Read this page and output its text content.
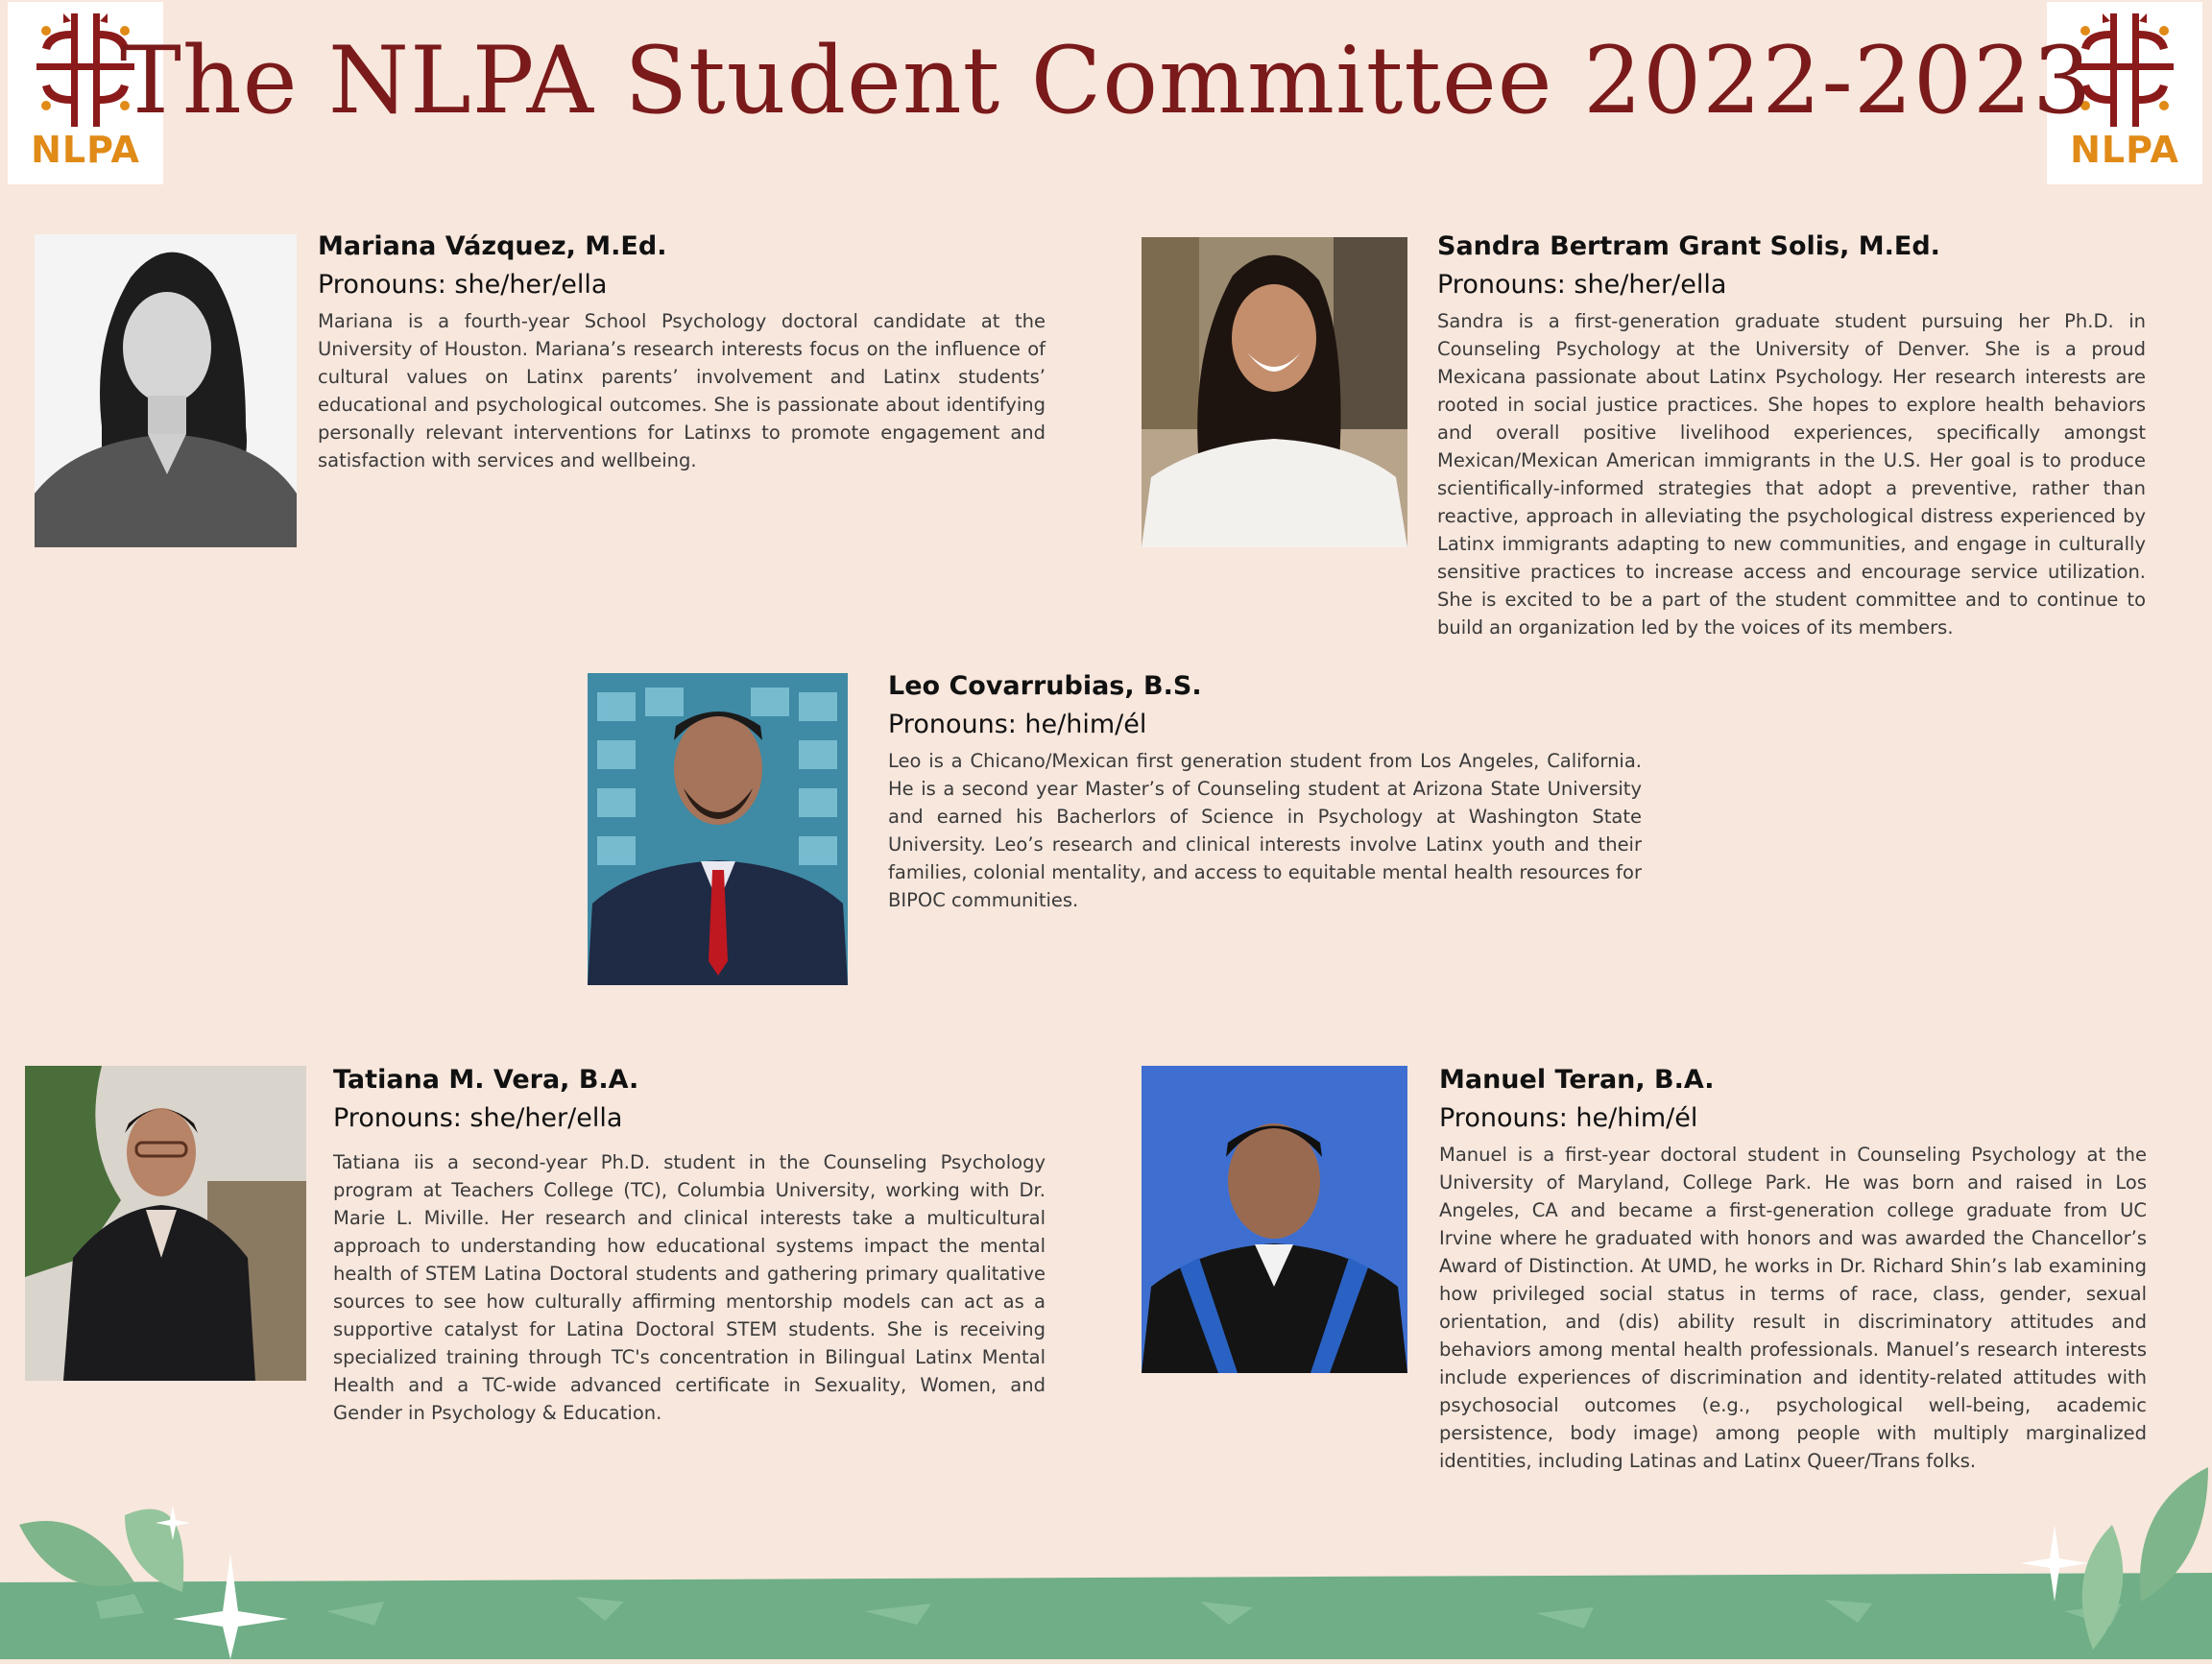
NLPA	NLPA
The NLPA Student Committee 2022-2023
Mariana Vázquez, M.Ed.
Pronouns: she/her/ella

Mariana is a fourth-year School Psychology doctoral candidate at the University of Houston. Mariana’s research interests focus on the influence of cultural values on Latinx parents’ involvement and Latinx students’ educational and psychological outcomes. She is passionate about identifying personally relevant interventions for Latinxs to promote engagement and satisfaction with services and wellbeing.

Sandra Bertram Grant Solis, M.Ed.
Pronouns: she/her/ella

Sandra is a first-generation graduate student pursuing her Ph.D. in Counseling Psychology at the University of Denver. She is a proud Mexicana passionate about Latinx Psychology. Her research interests are rooted in social justice practices. She hopes to explore health behaviors and overall positive livelihood experiences, specifically amongst Mexican/Mexican American immigrants in the U.S. Her goal is to produce scientifically-informed strategies that adopt a preventive, rather than reactive, approach in alleviating the psychological distress experienced by Latinx immigrants adapting to new communities, and engage in culturally sensitive practices to increase access and encourage service utilization. She is excited to be a part of the student committee and to continue to build an organization led by the voices of its members.

Leo Covarrubias, B.S.
Pronouns: he/him/él

Leo is a Chicano/Mexican first generation student from Los Angeles, California. He is a second year Master’s of Counseling student at Arizona State University and earned his Bacherlors of Science in Psychology at Washington State University. Leo’s research and clinical interests involve Latinx youth and their families, colonial mentality, and access to equitable mental health resources for BIPOC communities.

Tatiana M. Vera, B.A.
Pronouns: she/her/ella

Tatiana iis a second-year Ph.D. student in the Counseling Psychology program at Teachers College (TC), Columbia University, working with Dr. Marie L. Miville. Her research and clinical interests take a multicultural approach to understanding how educational systems impact the mental health of STEM Latina Doctoral students and gathering primary qualitative sources to see how culturally affirming mentorship models can act as a supportive catalyst for Latina Doctoral STEM students. She is receiving specialized training through TC's concentration in Bilingual Latinx Mental Health and a TC-wide advanced certificate in Sexuality, Women, and Gender in Psychology & Education.

Manuel Teran, B.A.
Pronouns: he/him/él

Manuel is a first-year doctoral student in Counseling Psychology at the University of Maryland, College Park. He was born and raised in Los Angeles, CA and became a first-generation college graduate from UC Irvine where he graduated with honors and was awarded the Chancellor’s Award of Distinction. At UMD, he works in Dr. Richard Shin’s lab examining how privileged social status in terms of race, class, gender, sexual orientation, and (dis) ability result in discriminatory attitudes and behaviors among mental health professionals. Manuel’s research interests include experiences of discrimination and identity-related attitudes with psychosocial outcomes (e.g., psychological well-being, academic persistence, body image) among people with multiply marginalized identities, including Latinas and Latinx Queer/Trans folks.
